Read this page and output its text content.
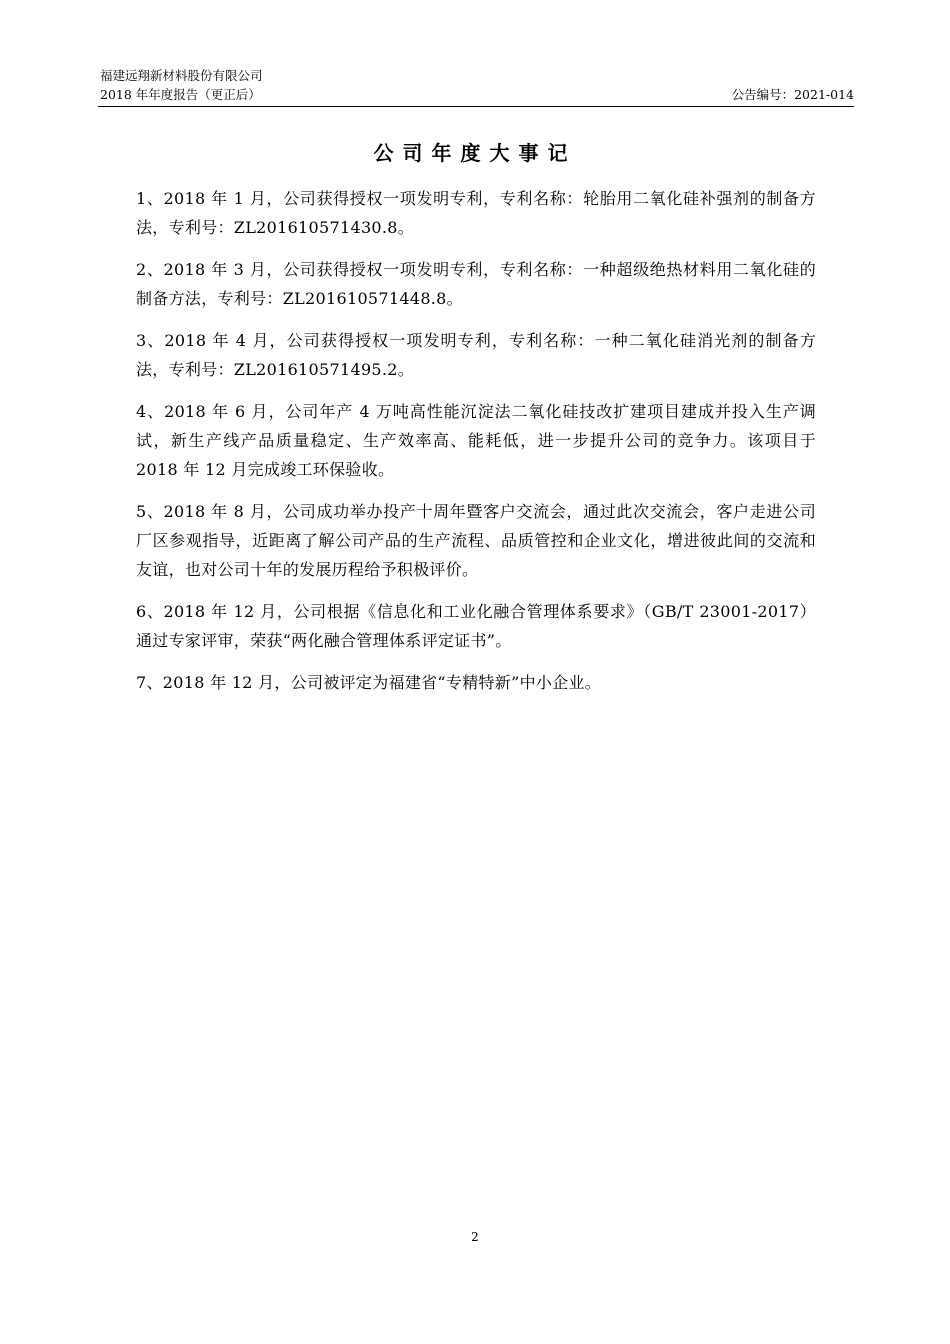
福建远翔新材料股份有限公司
2018 年年度报告（更正后）	公告编号：2021-014
公司年度大事记

1、2018 年 1 月，公司获得授权一项发明专利，专利名称：轮胎用二氧化硅补强剂的制备方法，专利号：ZL201610571430.8。

2、2018 年 3 月，公司获得授权一项发明专利，专利名称：一种超级绝热材料用二氧化硅的制备方法，专利号：ZL201610571448.8。

3、2018 年 4 月，公司获得授权一项发明专利，专利名称：一种二氧化硅消光剂的制备方法，专利号：ZL201610571495.2。

4、2018 年 6 月，公司年产 4 万吨高性能沉淀法二氧化硅技改扩建项目建成并投入生产调试，新生产线产品质量稳定、生产效率高、能耗低，进一步提升公司的竞争力。该项目于 2018 年 12 月完成竣工环保验收。

5、2018 年 8 月，公司成功举办投产十周年暨客户交流会，通过此次交流会，客户走进公司厂区参观指导，近距离了解公司产品的生产流程、品质管控和企业文化，增进彼此间的交流和友谊，也对公司十年的发展历程给予积极评价。

6、2018 年 12 月，公司根据《信息化和工业化融合管理体系要求》（GB/T 23001-2017）通过专家评审，荣获“两化融合管理体系评定证书”。

7、2018 年 12 月，公司被评定为福建省“专精特新”中小企业。

2
